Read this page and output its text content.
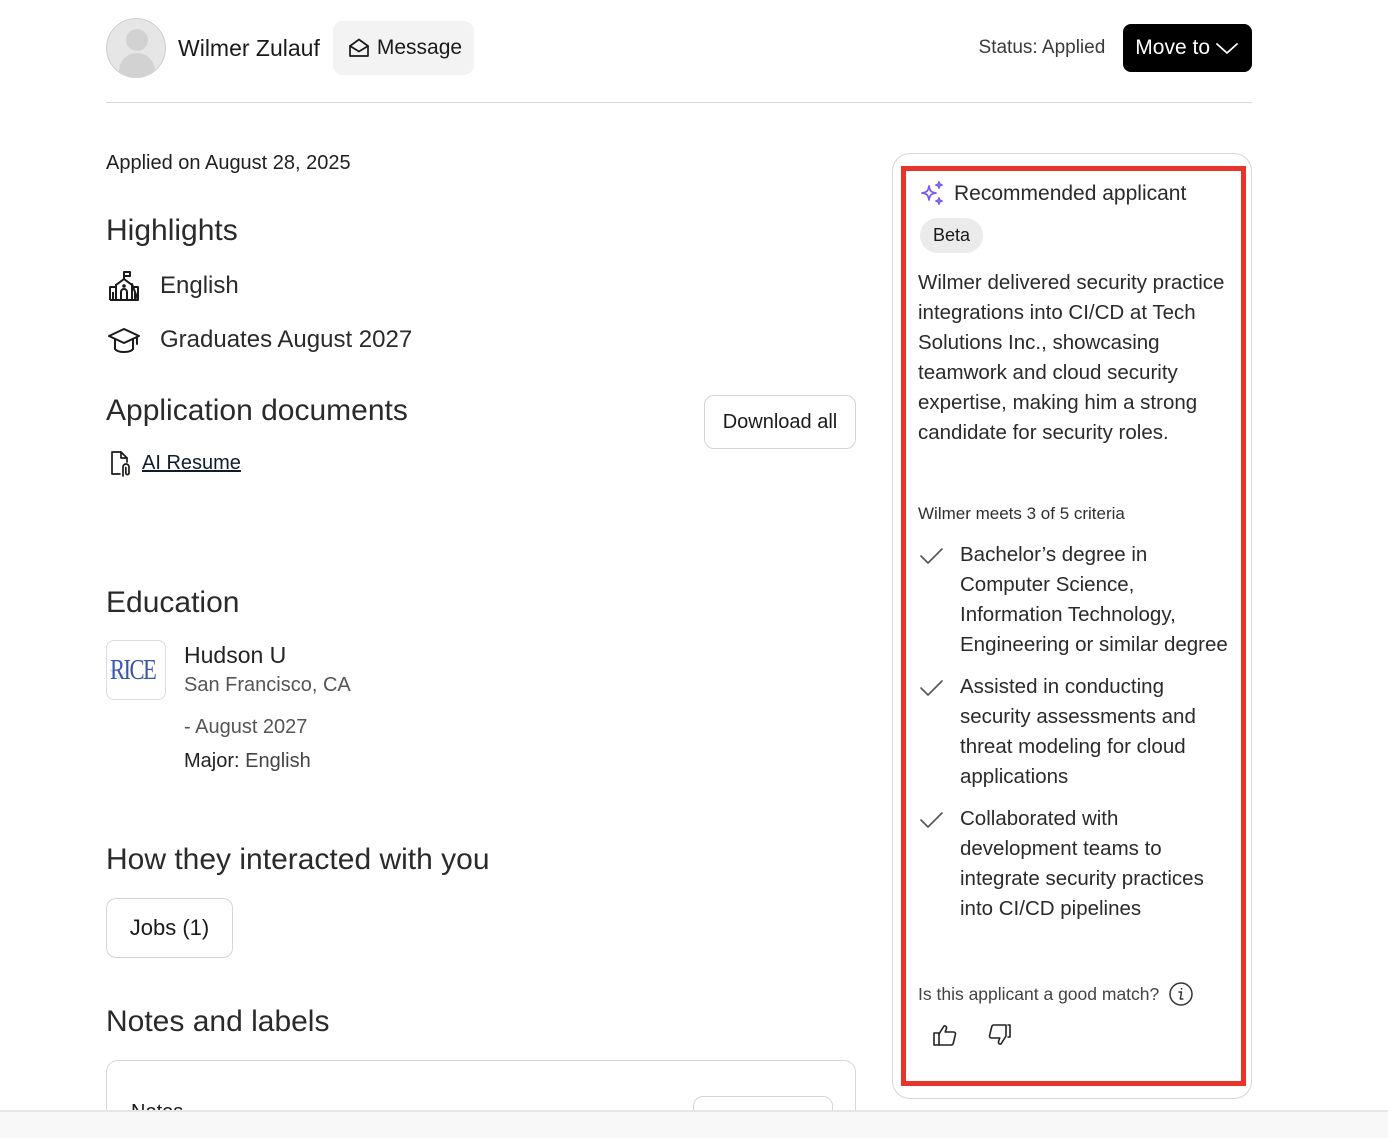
Wilmer Zulauf	Message	Status: Applied Move to
Applied on August 28, 2025
Highlights
English
Graduates August 2027
Application documents	Download all
AI Resume
Education
RICE Hudson U
San Francisco, CA
- August 2027
Major: English
How they interacted with you
Jobs (1)
Notes and labels
Recommended applicant
Beta

Wilmer delivered security practice integrations into CI/CD at Tech Solutions Inc., showcasing teamwork and cloud security expertise, making him a strong candidate for security roles.

Wilmer meets 3 of 5 criteria
Bachelor’s degree in Computer Science, Information Technology, Engineering or similar degree
Assisted in conducting security assessments and threat modeling for cloud applications
Collaborated with development teams to integrate security practices into CI/CD pipelines
Is this applicant a good match?
